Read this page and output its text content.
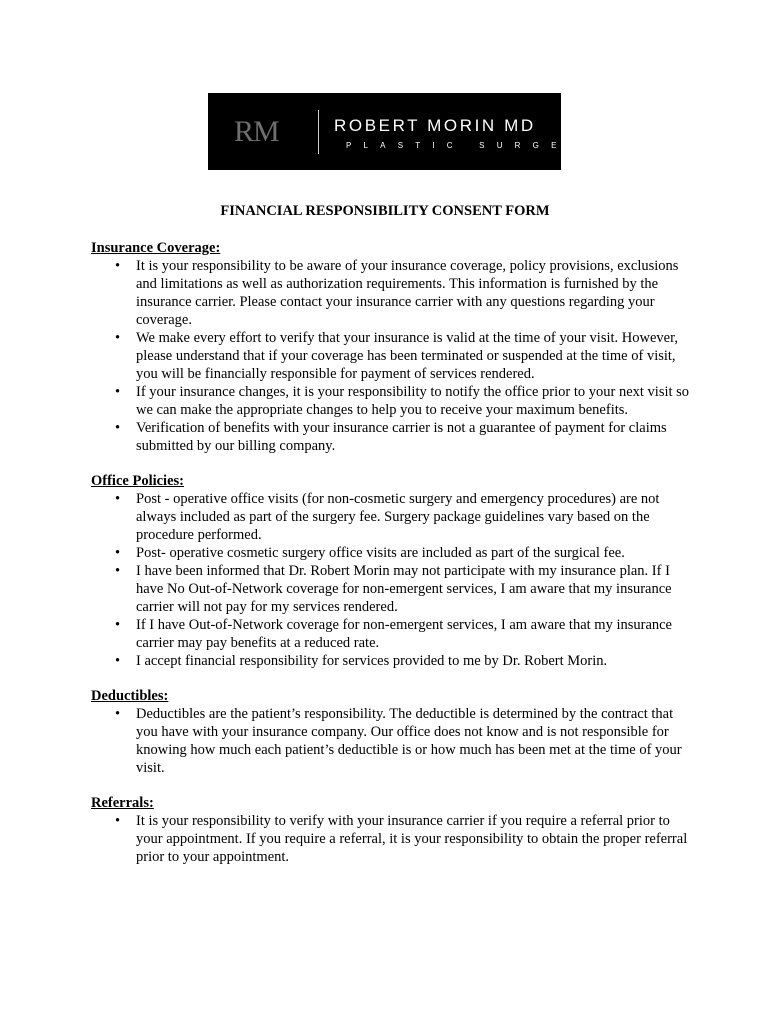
RM	ROBERT MORIN MD
PLASTIC SURGEON
FINANCIAL RESPONSIBILITY CONSENT FORM
Insurance Coverage:
• It is your responsibility to be aware of your insurance coverage, policy provisions, exclusions and limitations as well as authorization requirements. This information is furnished by the insurance carrier. Please contact your insurance carrier with any questions regarding your coverage.
• We make every effort to verify that your insurance is valid at the time of your visit. However, please understand that if your coverage has been terminated or suspended at the time of visit, you will be financially responsible for payment of services rendered.
• If your insurance changes, it is your responsibility to notify the office prior to your next visit so we can make the appropriate changes to help you to receive your maximum benefits.
• Verification of benefits with your insurance carrier is not a guarantee of payment for claims submitted by our billing company.
Office Policies:
• Post - operative office visits (for non-cosmetic surgery and emergency procedures) are not always included as part of the surgery fee. Surgery package guidelines vary based on the procedure performed.
• Post- operative cosmetic surgery office visits are included as part of the surgical fee.
• I have been informed that Dr. Robert Morin may not participate with my insurance plan. If I have No Out-of-Network coverage for non-emergent services, I am aware that my insurance carrier will not pay for my services rendered.
• If I have Out-of-Network coverage for non-emergent services, I am aware that my insurance carrier may pay benefits at a reduced rate.
• I accept financial responsibility for services provided to me by Dr. Robert Morin.
Deductibles:
• Deductibles are the patient’s responsibility. The deductible is determined by the contract that you have with your insurance company. Our office does not know and is not responsible for knowing how much each patient’s deductible is or how much has been met at the time of your visit.
Referrals:
• It is your responsibility to verify with your insurance carrier if you require a referral prior to your appointment. If you require a referral, it is your responsibility to obtain the proper referral prior to your appointment.
